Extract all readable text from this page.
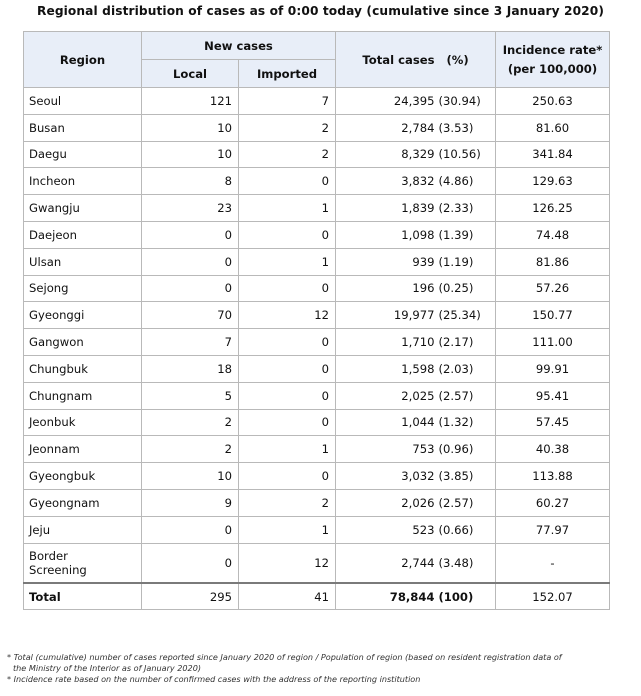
Regional distribution of cases as of 0:00 today (cumulative since 3 January 2020)
Region	New cases		Total cases	(%)	Incidence rate*
(per 100,000)

	Local	Imported			
Seoul	121	7	24,395	(30.94)	250.63
Busan	10	2	2,784	(3.53)	81.60
Daegu	10	2	8,329	(10.56)	341.84
Incheon	8	0	3,832	(4.86)	129.63
Gwangju	23	1	1,839	(2.33)	126.25
Daejeon	0	0	1,098	(1.39)	74.48
Ulsan	0	1	939	(1.19)	81.86
Sejong	0	0	196	(0.25)	57.26
Gyeonggi	70	12	19,977	(25.34)	150.77
Gangwon	7	0	1,710	(2.17)	111.00
Chungbuk	18	0	1,598	(2.03)	99.91
Chungnam	5	0	2,025	(2.57)	95.41
Jeonbuk	2	0	1,044	(1.32)	57.45
Jeonnam	2	1	753	(0.96)	40.38
Gyeongbuk	10	0	3,032	(3.85)	113.88
Gyeongnam	9	2	2,026	(2.57)	60.27
Jeju	0	1	523	(0.66)	77.97

Border
Screening	0	12	2,744	(3.48)	-
Total	295	41	78,844	(100)	152.07

* Total (cumulative) number of cases reported since January 2020 of region / Population of region (based on resident registration data of

the Ministry of the Interior as of January 2020)

* Incidence rate based on the number of confirmed cases with the address of the reporting institution
